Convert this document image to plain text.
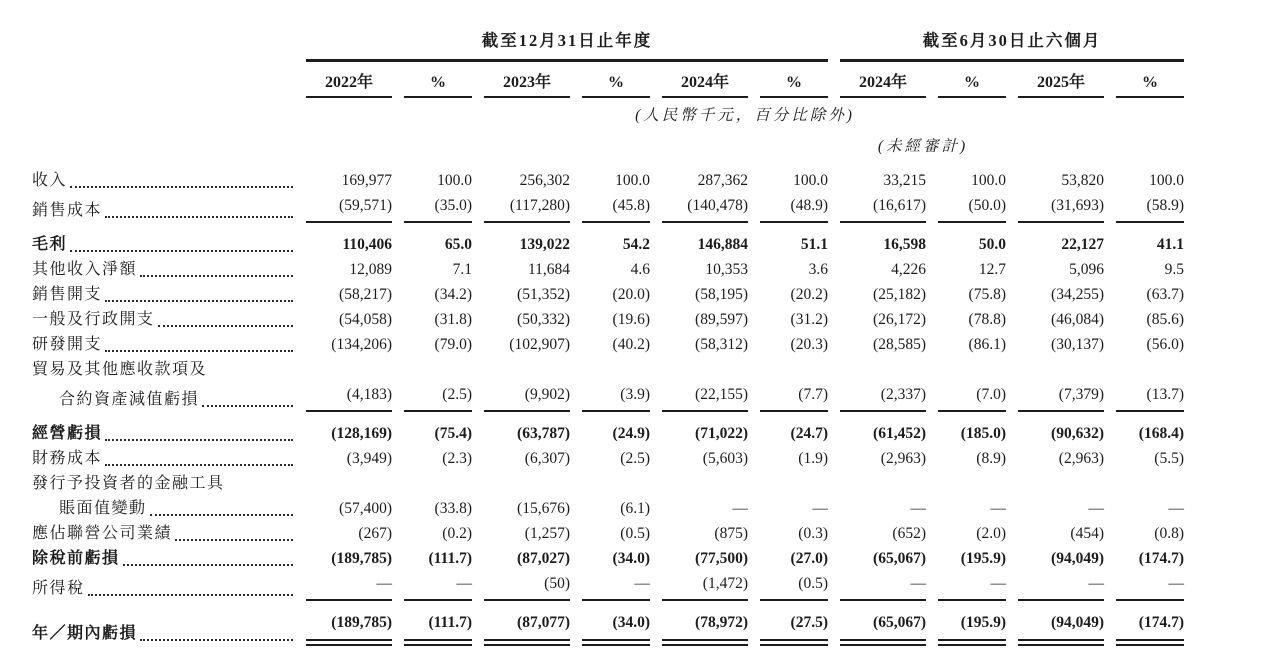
	截至12月31日止年度						截至6月30日止六個月			
	2022年	%	2023年	%	2024年	%	2024年	%	2025年	%
	(人民幣千元，百分比除外)									
							(未經審計)			

收入	169,977	100.0	256,302	100.0	287,362	100.0	33,215	100.0	53,820	100.0

銷售成本	(59,571)	(35.0)	(117,280)	(45.8)	(140,478)	(48.9)	(16,617)	(50.0)	(31,693)	(58.9)

毛利	110,406	65.0	139,022	54.2	146,884	51.1	16,598	50.0	22,127	41.1

其他收入淨額	12,089	7.1	11,684	4.6	10,353	3.6	4,226	12.7	5,096	9.5

銷售開支	(58,217)	(34.2)	(51,352)	(20.0)	(58,195)	(20.2)	(25,182)	(75.8)	(34,255)	(63.7)

一般及行政開支	(54,058)	(31.8)	(50,332)	(19.6)	(89,597)	(31.2)	(26,172)	(78.8)	(46,084)	(85.6)

研發開支	(134,206)	(79.0)	(102,907)	(40.2)	(58,312)	(20.3)	(28,585)	(86.1)	(30,137)	(56.0)

貿易及其他應收款項及										

合約資產減值虧損	(4,183)	(2.5)	(9,902)	(3.9)	(22,155)	(7.7)	(2,337)	(7.0)	(7,379)	(13.7)

經營虧損	(128,169)	(75.4)	(63,787)	(24.9)	(71,022)	(24.7)	(61,452)	(185.0)	(90,632)	(168.4)

財務成本	(3,949)	(2.3)	(6,307)	(2.5)	(5,603)	(1.9)	(2,963)	(8.9)	(2,963)	(5.5)

發行予投資者的金融工具										

賬面值變動	(57,400)	(33.8)	(15,676)	(6.1)	—	—	—	—	—	—

應佔聯營公司業績	(267)	(0.2)	(1,257)	(0.5)	(875)	(0.3)	(652)	(2.0)	(454)	(0.8)

除稅前虧損	(189,785)	(111.7)	(87,027)	(34.0)	(77,500)	(27.0)	(65,067)	(195.9)	(94,049)	(174.7)

所得稅	—	—	(50)	—	(1,472)	(0.5)	—	—	—	—

年／期內虧損	(189,785)	(111.7)	(87,077)	(34.0)	(78,972)	(27.5)	(65,067)	(195.9)	(94,049)	(174.7)
